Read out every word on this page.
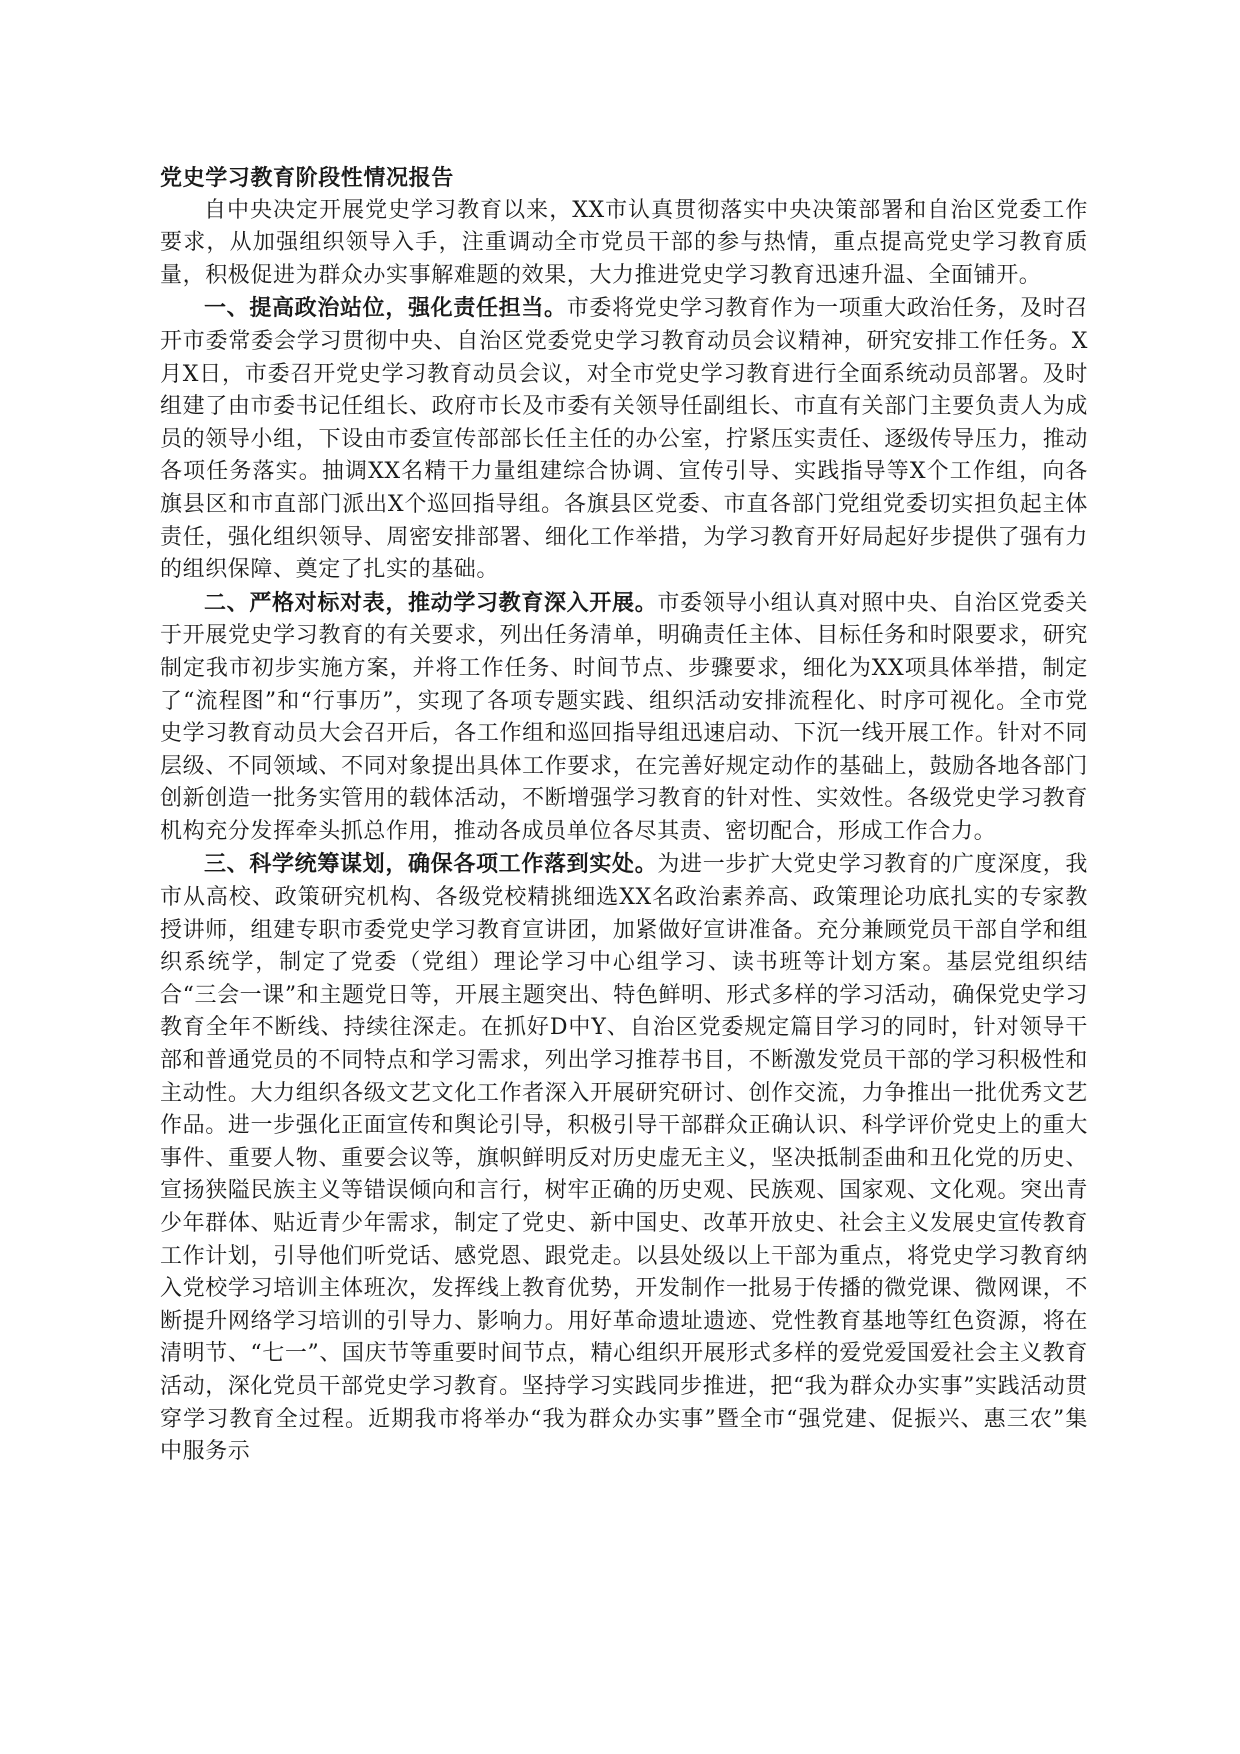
党史学习教育阶段性情况报告

自中央决定开展党史学习教育以来，XX市认真贯彻落实中央决策部署和自治区党委工作要求，从加强组织领导入手，注重调动全市党员干部的参与热情，重点提高党史学习教育质量，积极促进为群众办实事解难题的效果，大力推进党史学习教育迅速升温、全面铺开。

一、提高政治站位，强化责任担当。市委将党史学习教育作为一项重大政治任务，及时召开市委常委会学习贯彻中央、自治区党委党史学习教育动员会议精神，研究安排工作任务。X月X日，市委召开党史学习教育动员会议，对全市党史学习教育进行全面系统动员部署。及时组建了由市委书记任组长、政府市长及市委有关领导任副组长、市直有关部门主要负责人为成员的领导小组，下设由市委宣传部部长任主任的办公室，拧紧压实责任、逐级传导压力，推动各项任务落实。抽调XX名精干力量组建综合协调、宣传引导、实践指导等X个工作组，向各旗县区和市直部门派出X个巡回指导组。各旗县区党委、市直各部门党组党委切实担负起主体责任，强化组织领导、周密安排部署、细化工作举措，为学习教育开好局起好步提供了强有力的组织保障、奠定了扎实的基础。

二、严格对标对表，推动学习教育深入开展。市委领导小组认真对照中央、自治区党委关于开展党史学习教育的有关要求，列出任务清单，明确责任主体、目标任务和时限要求，研究制定我市初步实施方案，并将工作任务、时间节点、步骤要求，细化为XX项具体举措，制定了“流程图”和“行事历”，实现了各项专题实践、组织活动安排流程化、时序可视化。全市党史学习教育动员大会召开后，各工作组和巡回指导组迅速启动、下沉一线开展工作。针对不同层级、不同领域、不同对象提出具体工作要求，在完善好规定动作的基础上，鼓励各地各部门创新创造一批务实管用的载体活动，不断增强学习教育的针对性、实效性。各级党史学习教育机构充分发挥牵头抓总作用，推动各成员单位各尽其责、密切配合，形成工作合力。

三、科学统筹谋划，确保各项工作落到实处。为进一步扩大党史学习教育的广度深度，我市从高校、政策研究机构、各级党校精挑细选XX名政治素养高、政策理论功底扎实的专家教授讲师，组建专职市委党史学习教育宣讲团，加紧做好宣讲准备。充分兼顾党员干部自学和组织系统学，制定了党委（党组）理论学习中心组学习、读书班等计划方案。基层党组织结合“三会一课”和主题党日等，开展主题突出、特色鲜明、形式多样的学习活动，确保党史学习教育全年不断线、持续往深走。在抓好D中Y、自治区党委规定篇目学习的同时，针对领导干部和普通党员的不同特点和学习需求，列出学习推荐书目，不断激发党员干部的学习积极性和主动性。大力组织各级文艺文化工作者深入开展研究研讨、创作交流，力争推出一批优秀文艺作品。进一步强化正面宣传和舆论引导，积极引导干部群众正确认识、科学评价党史上的重大事件、重要人物、重要会议等，旗帜鲜明反对历史虚无主义，坚决抵制歪曲和丑化党的历史、宣扬狭隘民族主义等错误倾向和言行，树牢正确的历史观、民族观、国家观、文化观。突出青少年群体、贴近青少年需求，制定了党史、新中国史、改革开放史、社会主义发展史宣传教育工作计划，引导他们听党话、感党恩、跟党走。以县处级以上干部为重点，将党史学习教育纳入党校学习培训主体班次，发挥线上教育优势，开发制作一批易于传播的微党课、微网课，不断提升网络学习培训的引导力、影响力。用好革命遗址遗迹、党性教育基地等红色资源，将在清明节、“七一”、国庆节等重要时间节点，精心组织开展形式多样的爱党爱国爱社会主义教育活动，深化党员干部党史学习教育。坚持学习实践同步推进，把“我为群众办实事”实践活动贯穿学习教育全过程。近期我市将举办“我为群众办实事”暨全市“强党建、促振兴、惠三农”集中服务示
